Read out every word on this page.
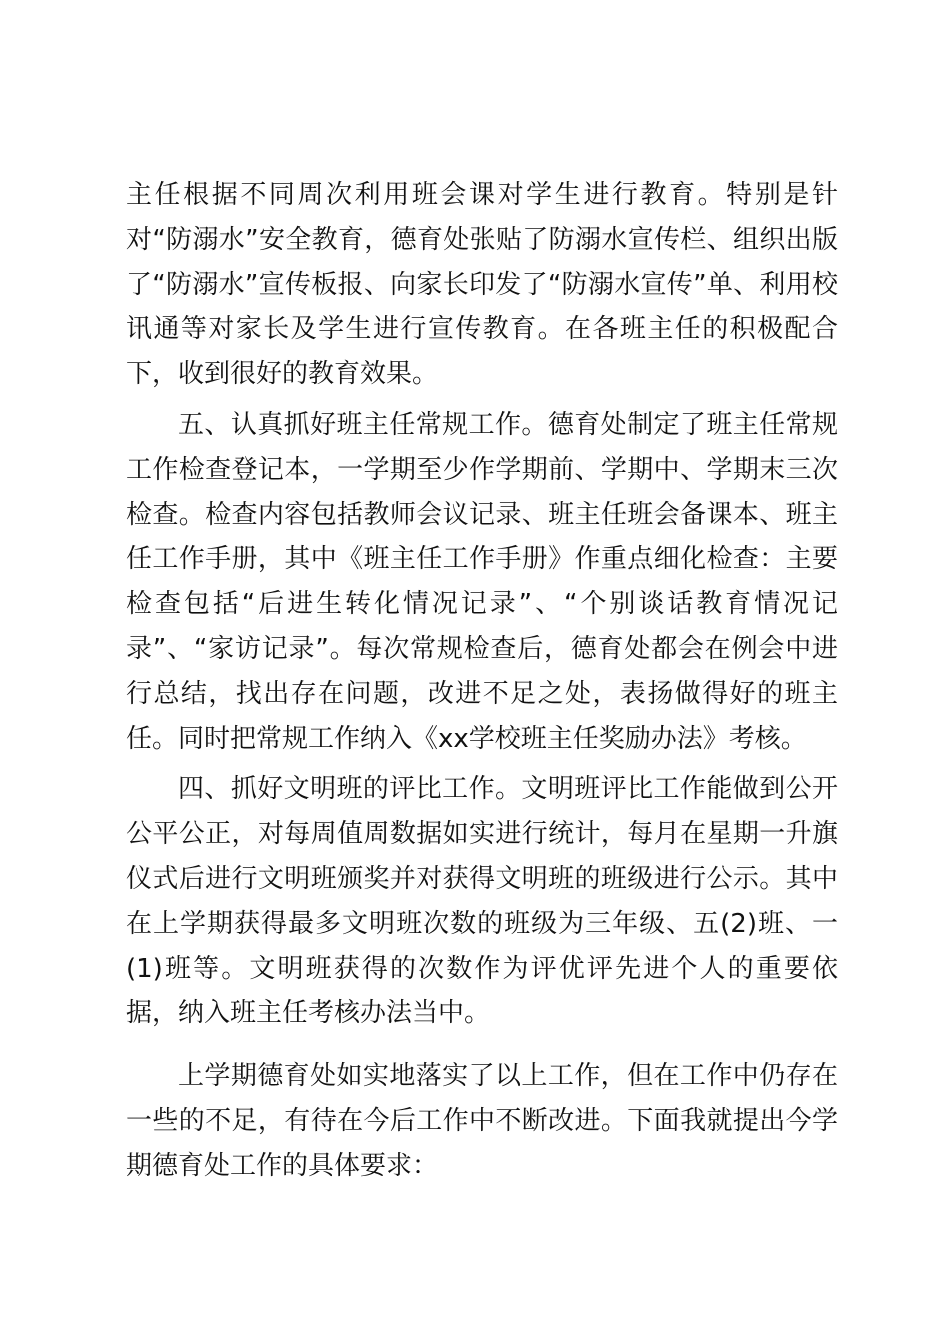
主任根据不同周次利用班会课对学生进行教育。特别是针对“防溺水”安全教育，德育处张贴了防溺水宣传栏、组织出版了“防溺水”宣传板报、向家长印发了“防溺水宣传”单、利用校讯通等对家长及学生进行宣传教育。在各班主任的积极配合下，收到很好的教育效果。

五、认真抓好班主任常规工作。德育处制定了班主任常规工作检查登记本，一学期至少作学期前、学期中、学期末三次检查。检查内容包括教师会议记录、班主任班会备课本、班主任工作手册，其中《班主任工作手册》作重点细化检查：主要检查包括“后进生转化情况记录”、“个别谈话教育情况记录”、“家访记录”。每次常规检查后，德育处都会在例会中进行总结，找出存在问题，改进不足之处，表扬做得好的班主任。同时把常规工作纳入《xx学校班主任奖励办法》考核。

四、抓好文明班的评比工作。文明班评比工作能做到公开公平公正，对每周值周数据如实进行统计，每月在星期一升旗仪式后进行文明班颁奖并对获得文明班的班级进行公示。其中在上学期获得最多文明班次数的班级为三年级、五(2)班、一(1)班等。文明班获得的次数作为评优评先进个人的重要依据，纳入班主任考核办法当中。

上学期德育处如实地落实了以上工作，但在工作中仍存在一些的不足，有待在今后工作中不断改进。下面我就提出今学期德育处工作的具体要求：
